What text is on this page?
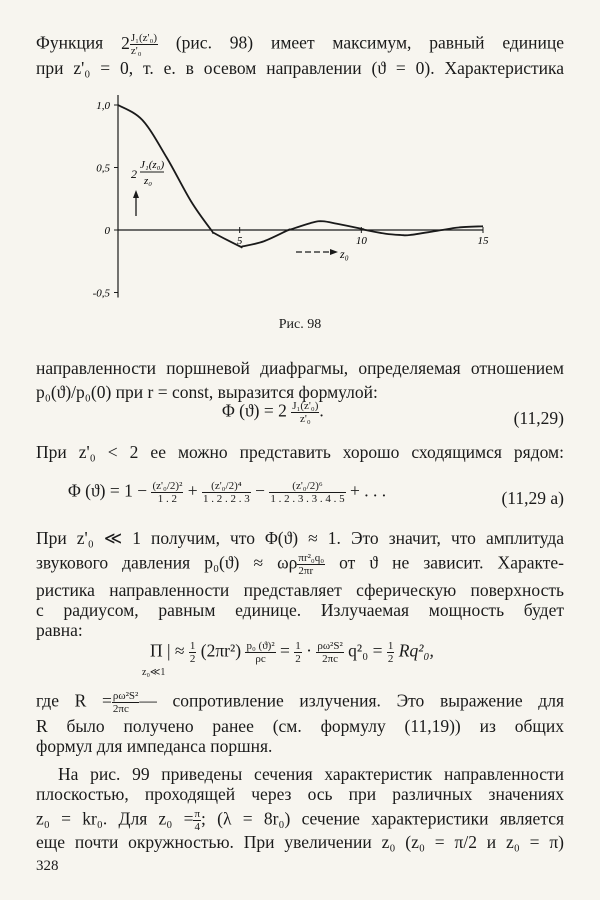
Функция $2 \frac{\text{J₁(z'₀)}}{\text{z'₀}} (рис$. 98) имеет максимум, равный единице
при z'₀ = 0, т. е. в осевом направлении (ϑ = 0). Характеристика
1,0
0,5
0
-0,5
5	10	15
2
J₁(z₀)
z₀
z₀
Рис. 98
направленности поршневой диафрагмы, определяемая отношением
p₀(ϑ)/p₀(0) при r = const, выразится формулой:
Φ $(ϑ) = 2 \frac{\text{J₁(z'₀)}}{\text{z'₀}}$ .	(11,29)
При z'₀ < 2 ее можно представить хорошо сходящимся рядом:
Φ $(ϑ) = 1 - \frac{\text{(z'₀/2)²}}{1 . 2} + \frac{\text{(z'₀/2)⁴}}{1 . 2 . 2 . 3} - \frac{\text{(z'₀/2)⁶}}{1 . 2 . 3 . 3 . 4 . 5}$ + . . .	(11,29 a)
При z'₀ ≪ 1 получим, что Φ(ϑ) ≈ 1. Это значит, что амплитуда
звукового давления p₀(ϑ) ≈ ωρ $\frac{\text{πr²₀q₀}}{2\pi r}$ от ϑ не зависит. Характе-
ристика направленности представляет сферическую поверхность
с радиусом, равным единице. Излучаемая мощность будет
равна:
Π | ≈ $\frac{1}{2} (2\pi r^2) \frac{\text{p₀ (ϑ)²}}{\rho c} = \frac{1}{2} \cdot \frac{\text{ρω²S²}}{2\pi c} q^2_0 = \frac{1}{2} Rq^2_0$,
z₀≪1
где $R = \frac{\text{ρω²S²}}{2\pi c}$ — сопротивление излучения. Это выражение для
R было получено ранее (см. формулу (11,19)) из общих
формул для импеданса поршня.
На рис. 99 приведены сечения характеристик направленности
плоскостью, проходящей через ось при различных значениях
z₀ = kr₀. Для $z_0 = \frac{\pi}{4}$ ; (λ = 8r₀) сечение характеристики является
еще почти окружностью. При увеличении z₀ (z₀ = π/2 и z₀ = π)
328
